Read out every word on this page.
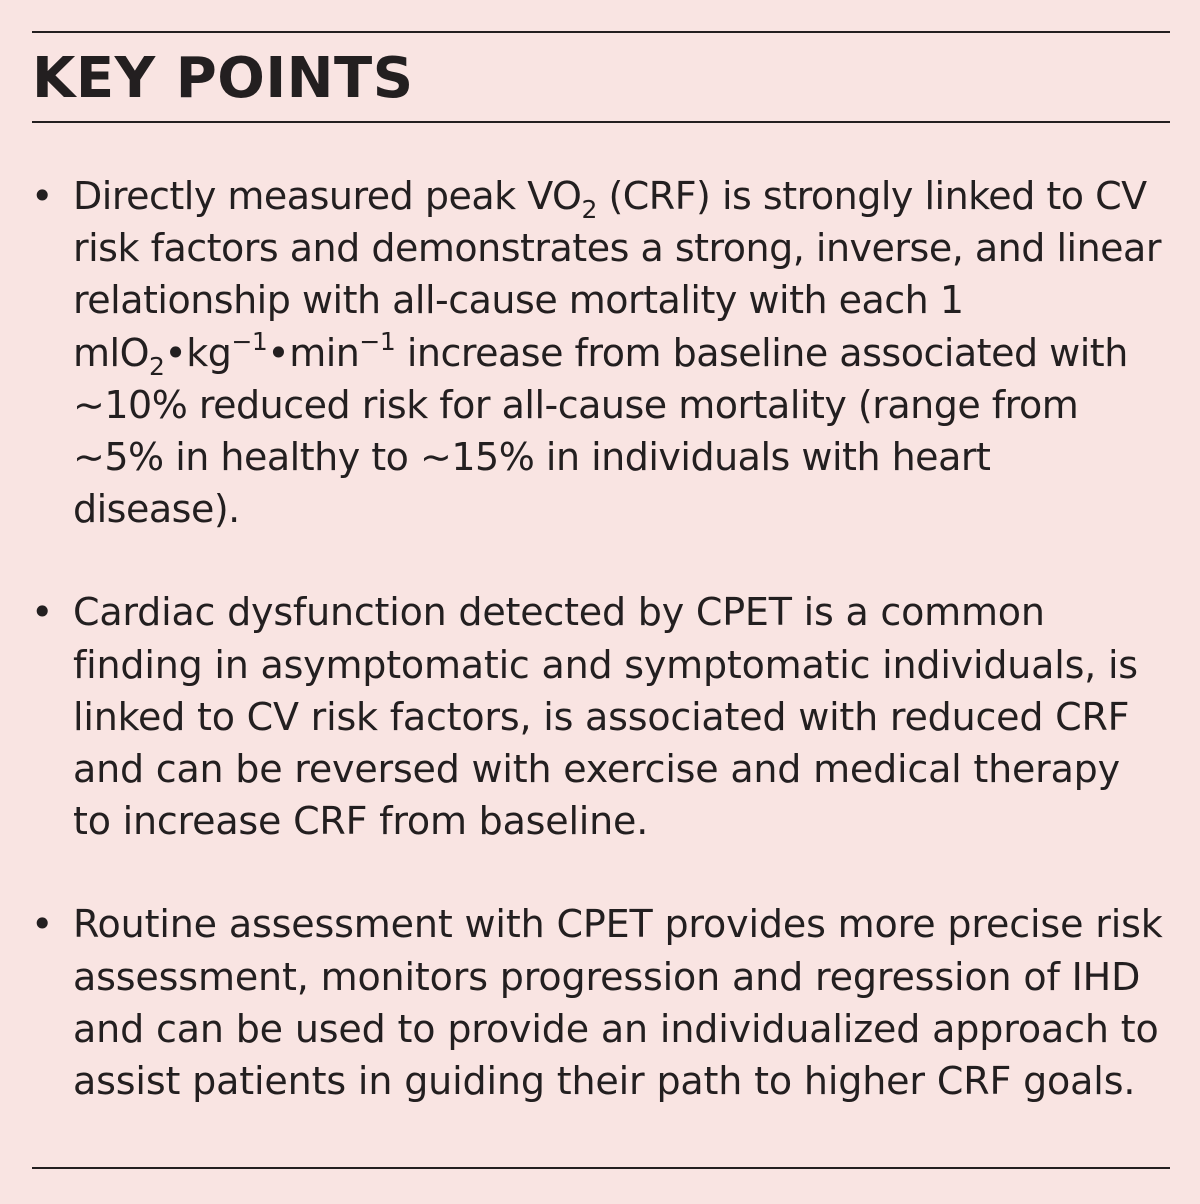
KEY POINTS
• Directly measured peak $VO_2$ (CRF) is strongly linked to CV risk factors and demonstrates a strong, inverse, and linear relationship with all-cause mortality with each 1 $mlO_2•kg^{-1}•\min^{-1}$ increase from baseline associated with ∼10% reduced risk for all-cause mortality (range from ∼5% in healthy to ∼15% in individuals with heart disease).
• Cardiac dysfunction detected by CPET is a common finding in asymptomatic and symptomatic individuals, is linked to CV risk factors, is associated with reduced CRF and can be reversed with exercise and medical therapy to increase CRF from baseline.
• Routine assessment with CPET provides more precise risk assessment, monitors progression and regression of IHD and can be used to provide an individualized approach to assist patients in guiding their path to higher CRF goals.
